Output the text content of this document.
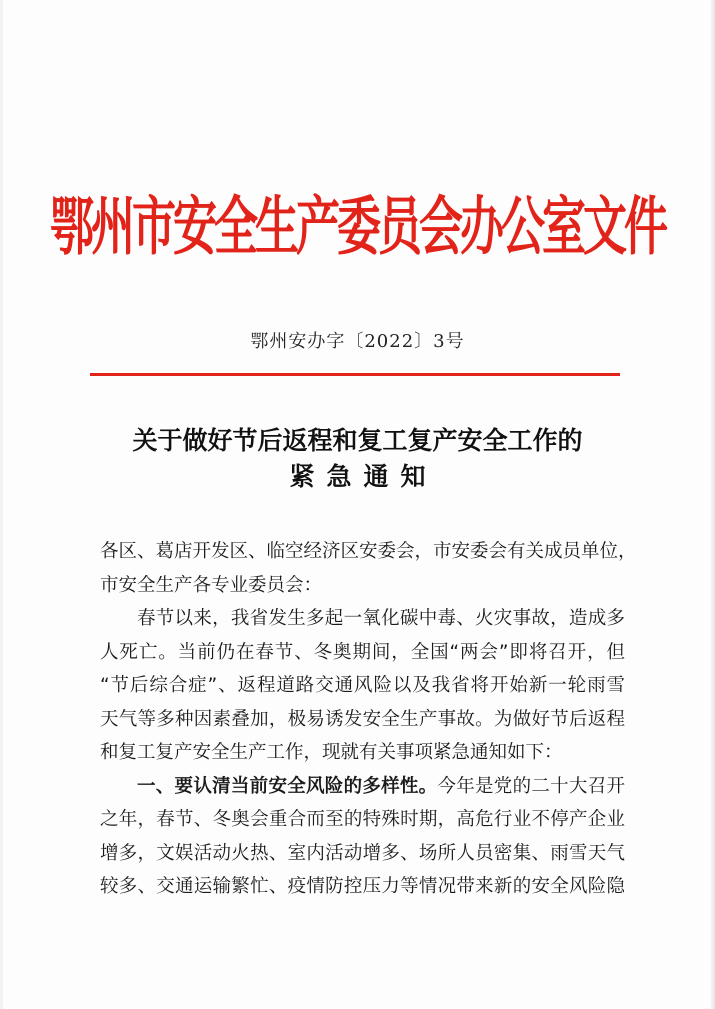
鄂州市安全生产委员会办公室文件
鄂州安办字〔2022〕3号
关于做好节后返程和复工复产安全工作的

紧急通知

各区、葛店开发区、临空经济区安委会，市安委会有关成员单位，
市安全生产各专业委员会：

春节以来，我省发生多起一氧化碳中毒、火灾事故，造成多
人死亡。当前仍在春节、冬奥期间，全国“两会”即将召开，但
“节后综合症”、返程道路交通风险以及我省将开始新一轮雨雪
天气等多种因素叠加，极易诱发安全生产事故。为做好节后返程
和复工复产安全生产工作，现就有关事项紧急通知如下：

一、要认清当前安全风险的多样性。今年是党的二十大召开
之年，春节、冬奥会重合而至的特殊时期，高危行业不停产企业
增多，文娱活动火热、室内活动增多、场所人员密集、雨雪天气
较多、交通运输繁忙、疫情防控压力等情况带来新的安全风险隐
